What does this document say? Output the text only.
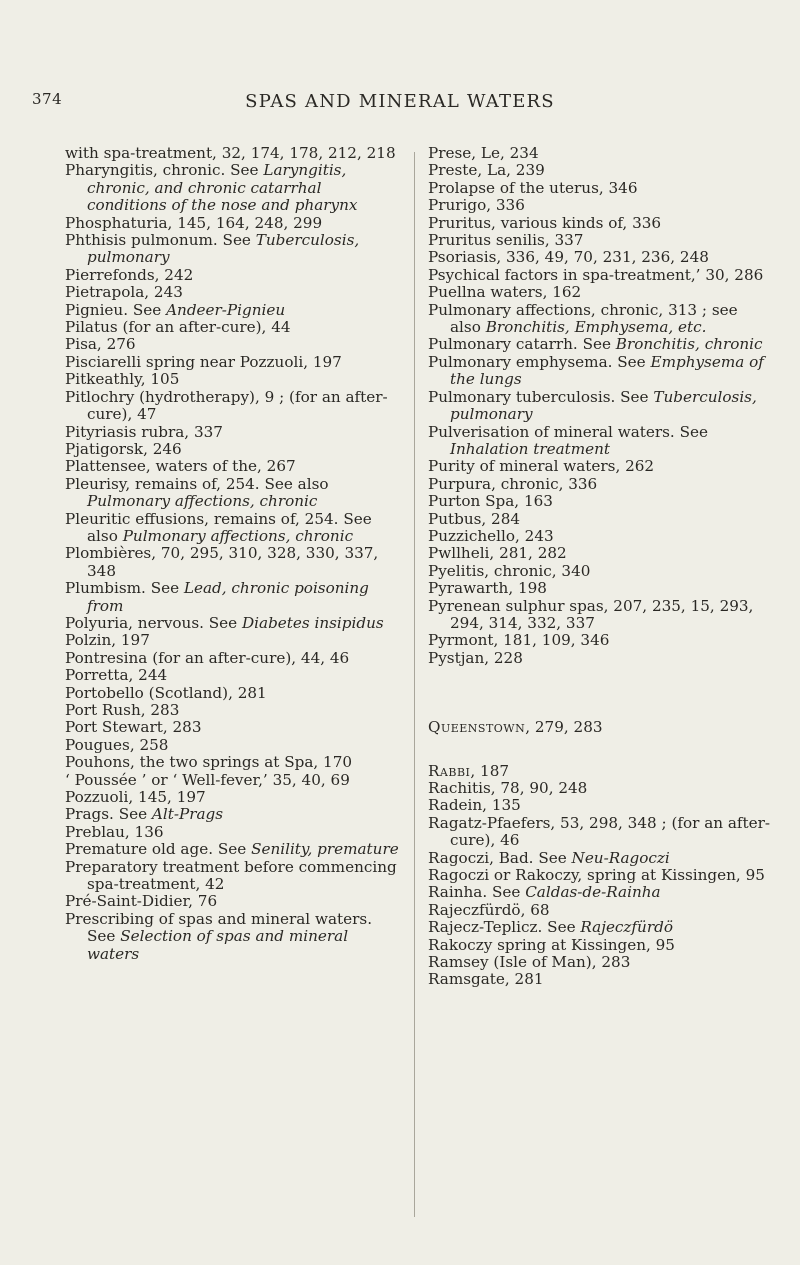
374	SPAS AND MINERAL WATERS

with spa-treatment, 32, 174, 178, 212, 218

Pharyngitis, chronic. See Laryngitis, chronic, and chronic catarrhal conditions of the nose and pharynx

Phosphaturia, 145, 164, 248, 299

Phthisis pulmonum. See Tuberculosis, pulmonary

Pierrefonds, 242

Pietrapola, 243

Pignieu. See Andeer-Pignieu

Pilatus (for an after-cure), 44

Pisa, 276

Pisciarelli spring near Pozzuoli, 197

Pitkeathly, 105

Pitlochry (hydrotherapy), 9 ; (for an after-cure), 47

Pityriasis rubra, 337

Pjatigorsk, 246

Plattensee, waters of the, 267

Pleurisy, remains of, 254. See also Pulmonary affections, chronic

Pleuritic effusions, remains of, 254. See also Pulmonary affections, chronic

Plombières, 70, 295, 310, 328, 330, 337, 348

Plumbism. See Lead, chronic poisoning from

Polyuria, nervous. See Diabetes insipidus

Polzin, 197

Pontresina (for an after-cure), 44, 46

Porretta, 244

Portobello (Scotland), 281

Port Rush, 283

Port Stewart, 283

Pougues, 258

Pouhons, the two springs at Spa, 170

‘ Poussée ’ or ‘ Well-fever,’ 35, 40, 69

Pozzuoli, 145, 197

Prags. See Alt-Prags

Preblau, 136

Premature old age. See Senility, premature

Preparatory treatment before commencing spa-treatment, 42

Pré-Saint-Didier, 76

Prescribing of spas and mineral waters. See Selection of spas and mineral waters

Prese, Le, 234

Preste, La, 239

Prolapse of the uterus, 346

Prurigo, 336

Pruritus, various kinds of, 336

Pruritus senilis, 337

Psoriasis, 336, 49, 70, 231, 236, 248

Psychical factors in spa-treatment,’ 30, 286

Puellna waters, 162

Pulmonary affections, chronic, 313 ; see also Bronchitis, Emphysema, etc.

Pulmonary catarrh. See Bronchitis, chronic

Pulmonary emphysema. See Emphysema of the lungs

Pulmonary tuberculosis. See Tuberculosis, pulmonary

Pulverisation of mineral waters. See Inhalation treatment

Purity of mineral waters, 262

Purpura, chronic, 336

Purton Spa, 163

Putbus, 284

Puzzichello, 243

Pwllheli, 281, 282

Pyelitis, chronic, 340

Pyrawarth, 198

Pyrenean sulphur spas, 207, 235, 15, 293, 294, 314, 332, 337

Pyrmont, 181, 109, 346

Pystjan, 228

Queenstown, 279, 283

Rabbi, 187

Rachitis, 78, 90, 248

Radein, 135

Ragatz-Pfaefers, 53, 298, 348 ; (for an after-cure), 46

Ragoczi, Bad. See Neu-Ragoczi

Ragoczi or Rakoczy, spring at Kissingen, 95

Rainha. See Caldas-de-Rainha

Rajeczfürdö, 68

Rajecz-Teplicz. See Rajeczfürdö

Rakoczy spring at Kissingen, 95

Ramsey (Isle of Man), 283

Ramsgate, 281
